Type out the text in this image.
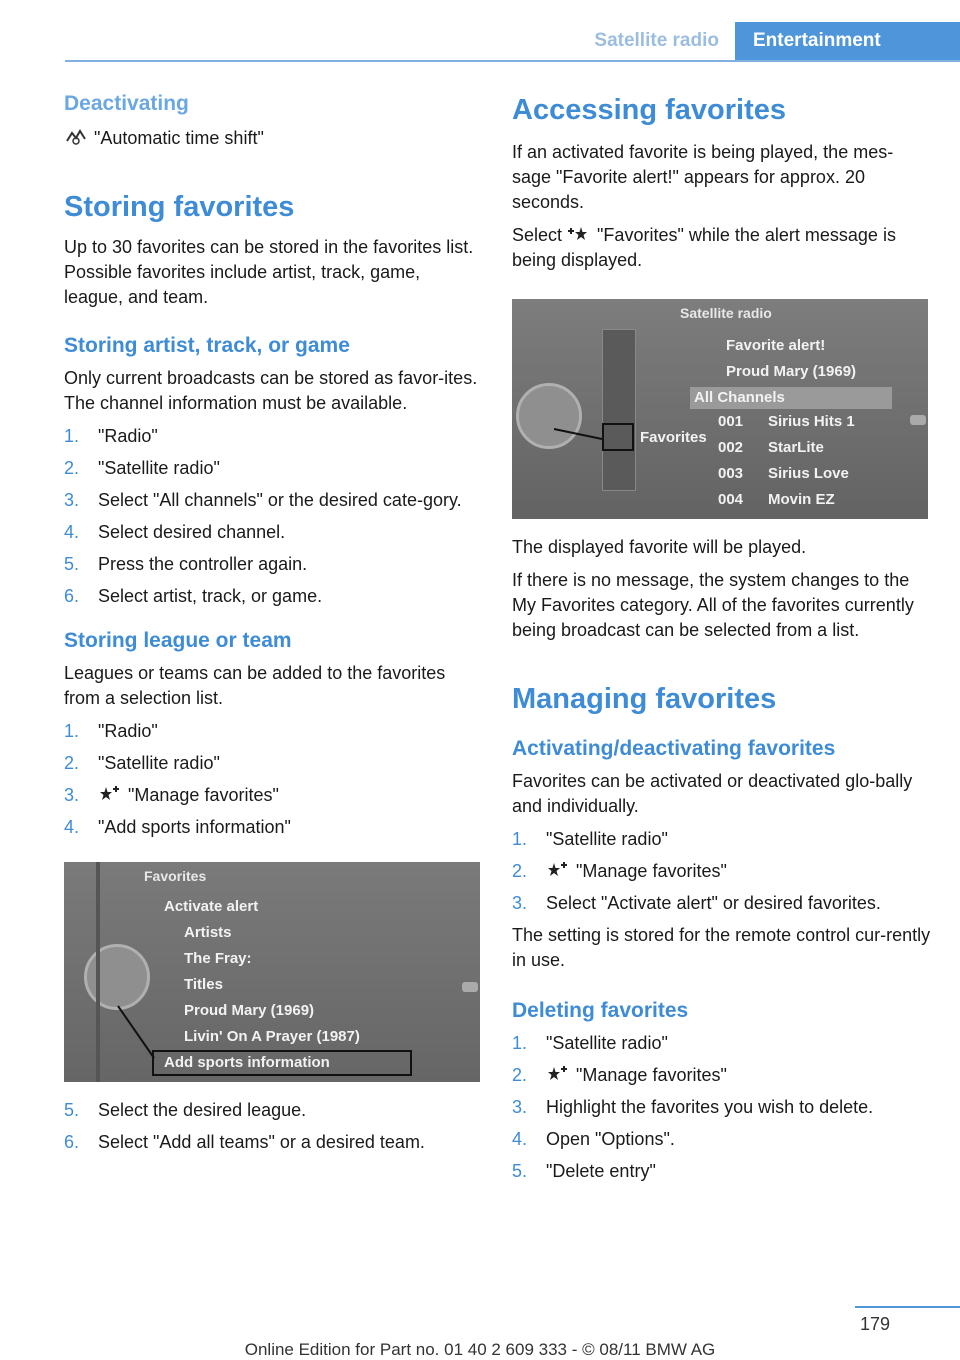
Satellite radio	Entertainment
Deactivating

"Automatic time shift"

Storing favorites

Up to 30 favorites can be stored in the favorites list. Possible favorites include artist, track, game, league, and team.

Storing artist, track, or game

Only current broadcasts can be stored as favor-ites. The channel information must be available.

1. "Radio"
2. "Satellite radio"
3. Select "All channels" or the desired cate-gory.
4. Select desired channel.
5. Press the controller again.
6. Select artist, track, or game.
Storing league or team

Leagues or teams can be added to the favorites from a selection list.

1. "Radio"
2. "Satellite radio"
3.	"Manage favorites"
4. "Add sports information"
Favorites
Activate alert
Artists
The Fray:
Titles
Proud Mary (1969)
Livin' On A Prayer (1987)
Add sports information
5. Select the desired league.
6. Select "Add all teams" or a desired team.
Accessing favorites

If an activated favorite is being played, the mes-sage "Favorite alert!" appears for approx. 20 seconds.

Select "Favorites" while the alert message is being displayed.

Satellite radio
Favorite alert!
Proud Mary (1969)
All Channels
001 Sirius Hits 1
002 StarLite
003 Sirius Love
004 Movin EZ
Favorites

The displayed favorite will be played.

If there is no message, the system changes to the My Favorites category. All of the favorites currently being broadcast can be selected from a list.

Managing favorites
Activating/deactivating favorites

Favorites can be activated or deactivated glo-bally and individually.

1. "Satellite radio"
2.	"Manage favorites"
3. Select "Activate alert" or desired favorites.

The setting is stored for the remote control cur-rently in use.

Deleting favorites
1. "Satellite radio"
2.	"Manage favorites"
3. Highlight the favorites you wish to delete.
4. Open "Options".
5. "Delete entry"
179
Online Edition for Part no. 01 40 2 609 333 - © 08/11 BMW AG
